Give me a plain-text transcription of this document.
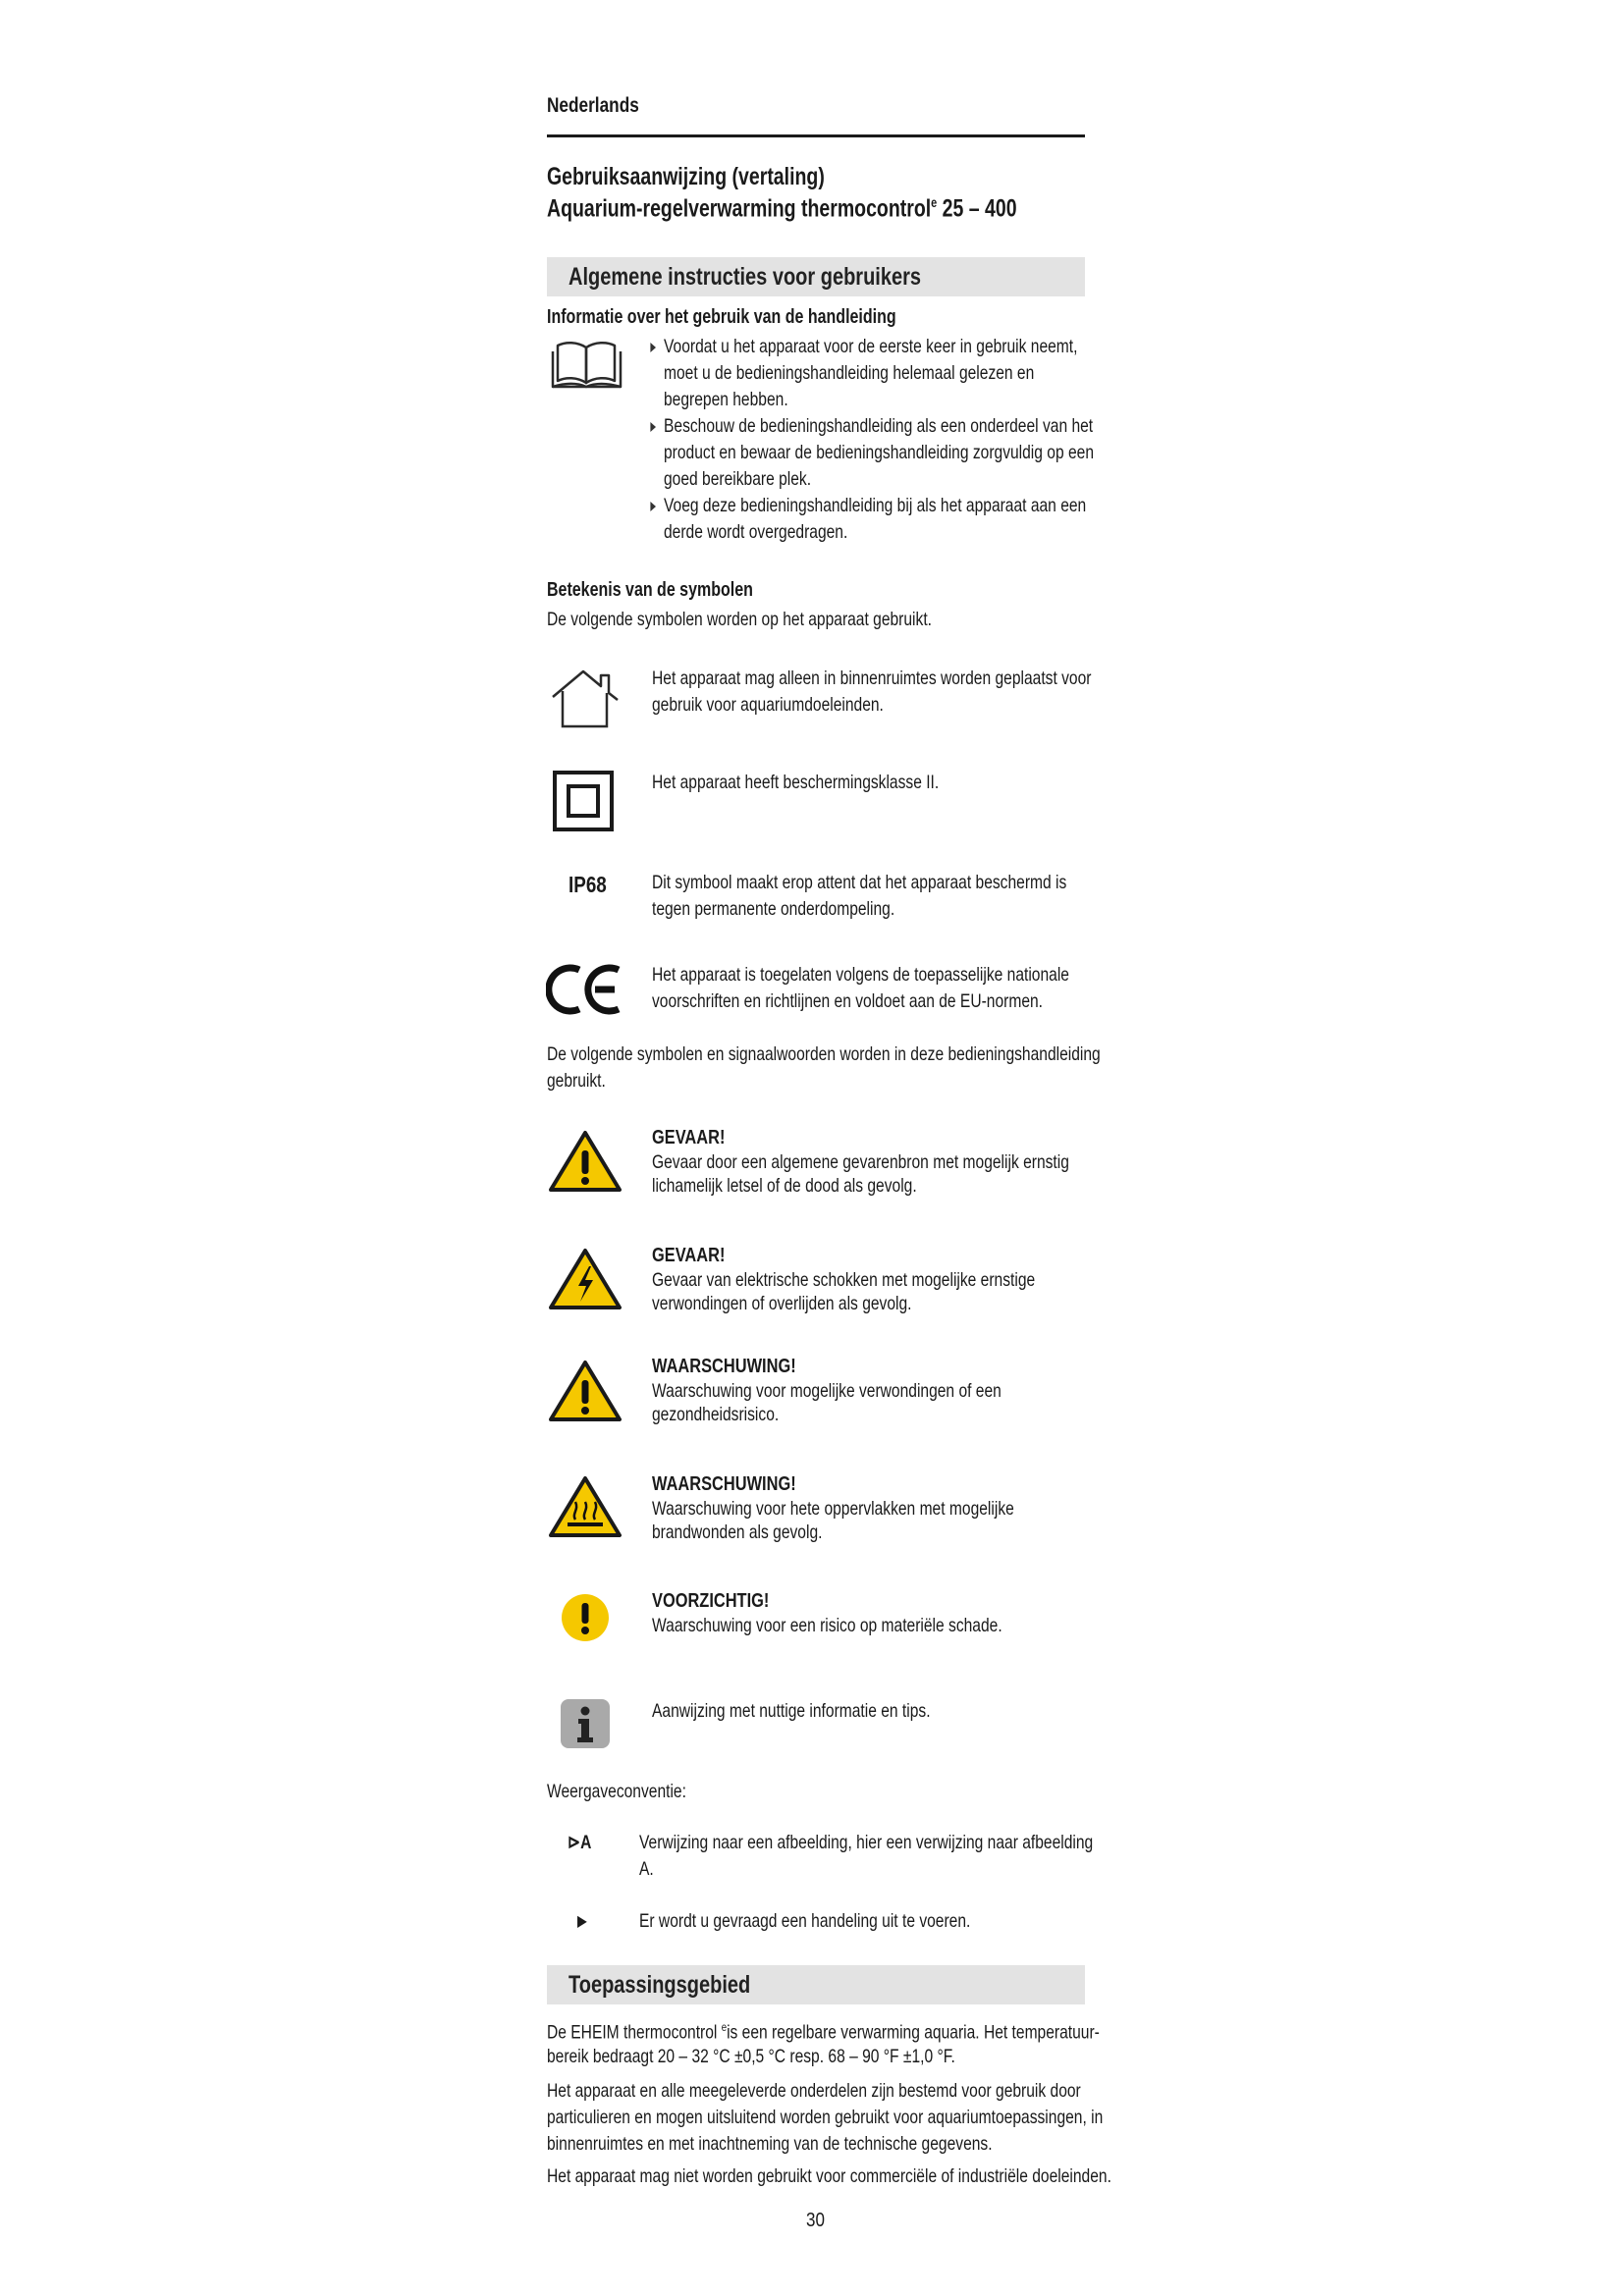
Nederlands
Gebruiksaanwijzing (vertaling)
Aquarium-regelverwarming thermocontrol$^e$ 25 – 400
Algemene instructies voor gebruikers
Informatie over het gebruik van de handleiding
Voordat u het apparaat voor de eerste keer in gebruik neemt,
moet u de bedieningshandleiding helemaal gelezen en
begrepen hebben.
Beschouw de bedieningshandleiding als een onderdeel van het
product en bewaar de bedieningshandleiding zorgvuldig op een
goed bereikbare plek.
Voeg deze bedieningshandleiding bij als het apparaat aan een
derde wordt overgedragen.
Betekenis van de symbolen
De volgende symbolen worden op het apparaat gebruikt.
Het apparaat mag alleen in binnenruimtes worden geplaatst voor
gebruik voor aquariumdoeleinden.
Het apparaat heeft beschermingsklasse II.
IP68 Dit symbool maakt erop attent dat het apparaat beschermd is
tegen permanente onderdompeling.
Het apparaat is toegelaten volgens de toepasselijke nationale
voorschriften en richtlijnen en voldoet aan de EU-normen.
De volgende symbolen en signaalwoorden worden in deze bedieningshandleiding
gebruikt.
GEVAAR!
Gevaar door een algemene gevarenbron met mogelijk ernstig
lichamelijk letsel of de dood als gevolg.
GEVAAR!
Gevaar van elektrische schokken met mogelijke ernstige
verwondingen of overlijden als gevolg.
WAARSCHUWING!
Waarschuwing voor mogelijke verwondingen of een
gezondheidsrisico.
WAARSCHUWING!
Waarschuwing voor hete oppervlakken met mogelijke
brandwonden als gevolg.
VOORZICHTIG!
Waarschuwing voor een risico op materiële schade.
Aanwijzing met nuttige informatie en tips.
Weergaveconventie:
⊳A Verwijzing naar een afbeelding, hier een verwijzing naar afbeelding
A.
▶	Er wordt u gevraagd een handeling uit te voeren.
Toepassingsgebied
De EHEIM thermocontrol $^e$is een regelbare verwarming aquaria. Het temperatuur-
bereik bedraagt 20 – 32 °C ±0,5 °C resp. 68 – 90 °F ±1,0 °F.
Het apparaat en alle meegeleverde onderdelen zijn bestemd voor gebruik door
particulieren en mogen uitsluitend worden gebruikt voor aquariumtoepassingen, in
binnenruimtes en met inachtneming van de technische gegevens.
Het apparaat mag niet worden gebruikt voor commerciële of industriële doeleinden.
30
